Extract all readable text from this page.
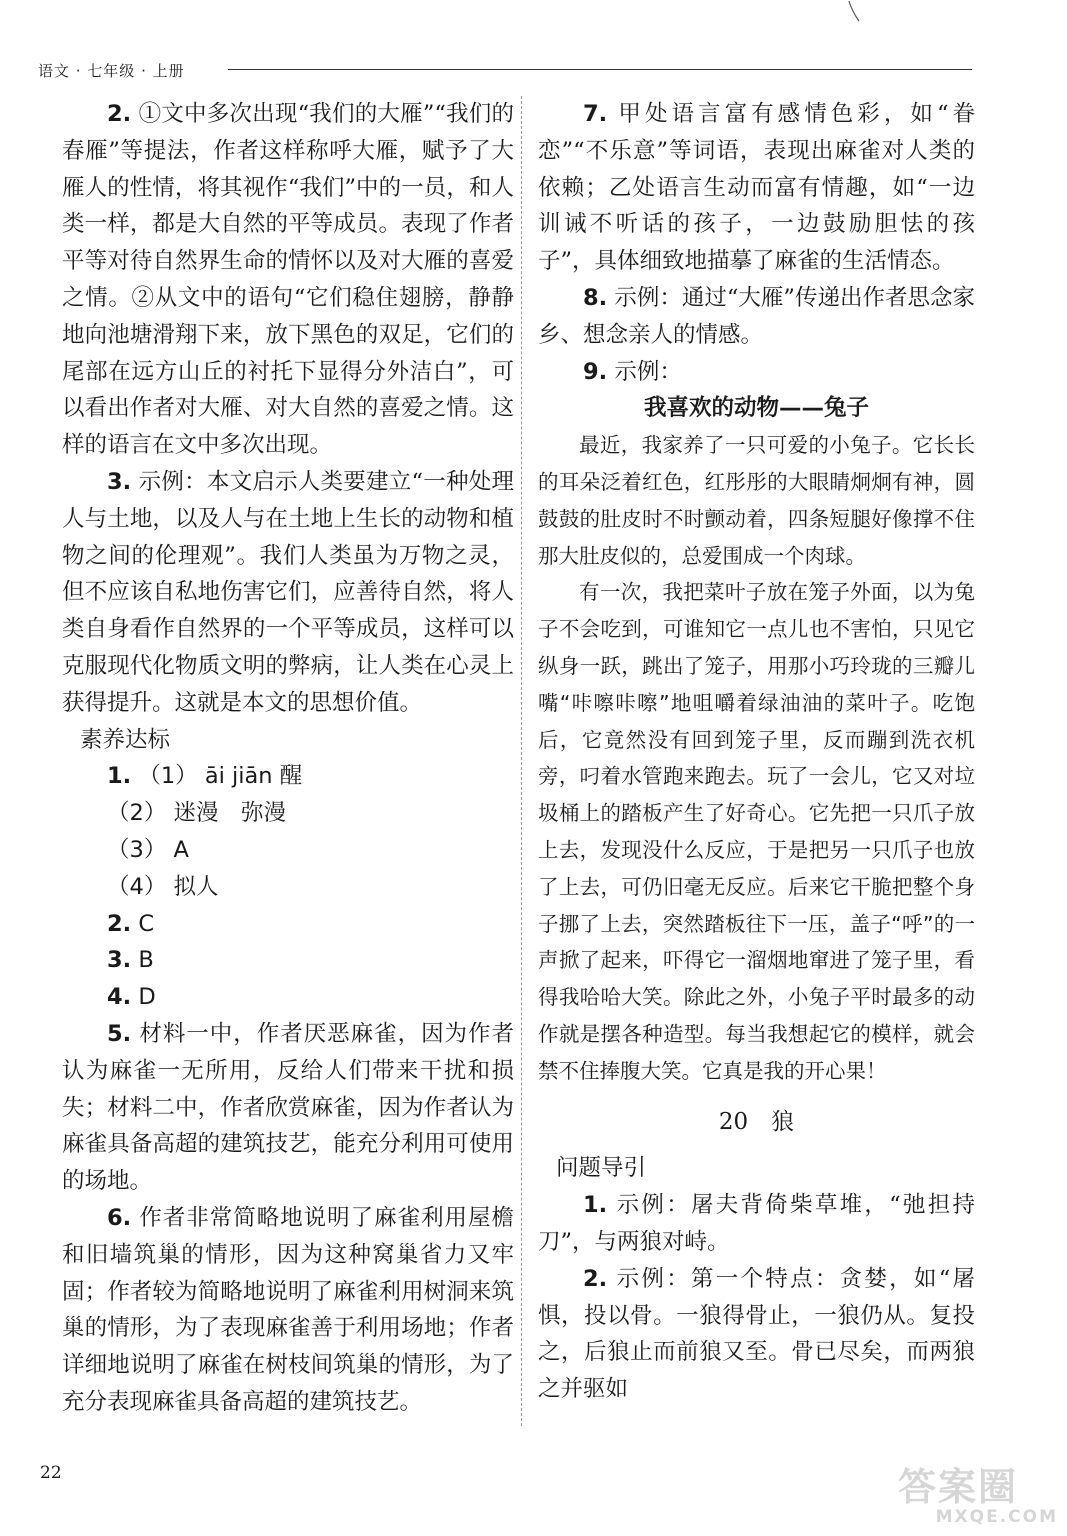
语文 · 七年级 · 上册

2. ①文中多次出现“我们的大雁”“我们的春雁”等提法，作者这样称呼大雁，赋予了大雁人的性情，将其视作“我们”中的一员，和人类一样，都是大自然的平等成员。表现了作者平等对待自然界生命的情怀以及对大雁的喜爱之情。②从文中的语句“它们稳住翅膀，静静地向池塘滑翔下来，放下黑色的双足，它们的尾部在远方山丘的衬托下显得分外洁白”，可以看出作者对大雁、对大自然的喜爱之情。这样的语言在文中多次出现。

3. 示例：本文启示人类要建立“一种处理人与土地，以及人与在土地上生长的动物和植物之间的伦理观”。我们人类虽为万物之灵，但不应该自私地伤害它们，应善待自然，将人类自身看作自然界的一个平等成员，这样可以克服现代化物质文明的弊病，让人类在心灵上获得提升。这就是本文的思想价值。

素养达标

1. （1） āi jiān 醒

（2） 迷漫　弥漫

（3） A

（4） 拟人

2. C

3. B

4. D

5. 材料一中，作者厌恶麻雀，因为作者认为麻雀一无所用，反给人们带来干扰和损失；材料二中，作者欣赏麻雀，因为作者认为麻雀具备高超的建筑技艺，能充分利用可使用的场地。

6. 作者非常简略地说明了麻雀利用屋檐和旧墙筑巢的情形，因为这种窝巢省力又牢固；作者较为简略地说明了麻雀利用树洞来筑巢的情形，为了表现麻雀善于利用场地；作者详细地说明了麻雀在树枝间筑巢的情形，为了充分表现麻雀具备高超的建筑技艺。

7. 甲处语言富有感情色彩，如“眷恋”“不乐意”等词语，表现出麻雀对人类的依赖；乙处语言生动而富有情趣，如“一边训诫不听话的孩子，一边鼓励胆怯的孩子”，具体细致地描摹了麻雀的生活情态。

8. 示例：通过“大雁”传递出作者思念家乡、想念亲人的情感。

9. 示例：

我喜欢的动物——兔子

最近，我家养了一只可爱的小兔子。它长长的耳朵泛着红色，红彤彤的大眼睛炯炯有神，圆鼓鼓的肚皮时不时颤动着，四条短腿好像撑不住那大肚皮似的，总爱围成一个肉球。

有一次，我把菜叶子放在笼子外面，以为兔子不会吃到，可谁知它一点儿也不害怕，只见它纵身一跃，跳出了笼子，用那小巧玲珑的三瓣儿嘴“咔嚓咔嚓”地咀嚼着绿油油的菜叶子。吃饱后，它竟然没有回到笼子里，反而蹦到洗衣机旁，叼着水管跑来跑去。玩了一会儿，它又对垃圾桶上的踏板产生了好奇心。它先把一只爪子放上去，发现没什么反应，于是把另一只爪子也放了上去，可仍旧毫无反应。后来它干脆把整个身子挪了上去，突然踏板往下一压，盖子“呼”的一声掀了起来，吓得它一溜烟地窜进了笼子里，看得我哈哈大笑。除此之外，小兔子平时最多的动作就是摆各种造型。每当我想起它的模样，就会禁不住捧腹大笑。它真是我的开心果！

20　狼

问题导引

1. 示例：屠夫背倚柴草堆，“弛担持刀”，与两狼对峙。

2. 示例：第一个特点：贪婪，如“屠惧，投以骨。一狼得骨止，一狼仍从。复投之，后狼止而前狼又至。骨已尽矣，而两狼之并驱如

22	答案圈
MXQE.COM
